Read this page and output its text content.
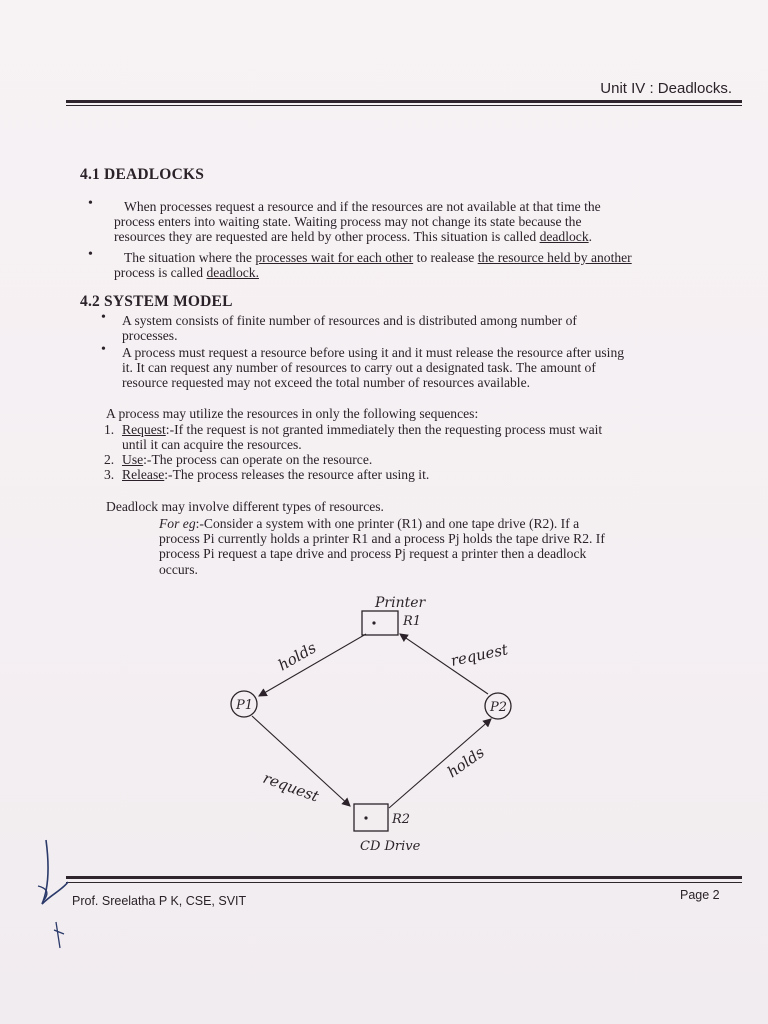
Unit IV : Deadlocks.
4.1 DEADLOCKS
•	When processes request a resource and if the resources are not available at that time the
process enters into waiting state. Waiting process may not change its state because the
resources they are requested are held by other process. This situation is called deadlock.
•	The situation where the processes wait for each other to realease the resource held by another
process is called deadlock.
4.2 SYSTEM MODEL
• A system consists of finite number of resources and is distributed among number of
processes.
• A process must request a resource before using it and it must release the resource after using
it. It can request any number of resources to carry out a designated task. The amount of
resource requested may not exceed the total number of resources available.
A process may utilize the resources in only the following sequences:
1. Request:-If the request is not granted immediately then the requesting process must wait
until it can acquire the resources.
2. Use:-The process can operate on the resource.
3. Release:-The process releases the resource after using it.
Deadlock may involve different types of resources.
For eg:-Consider a system with one printer (R1) and one tape drive (R2). If a
process Pi currently holds a printer R1 and a process Pj holds the tape drive R2. If
process Pi request a tape drive and process Pj request a printer then a deadlock
occurs.
Printer
R1
R2
CD Drive
P1	P2
holds	request
request
holds
Prof. Sreelatha P K, CSE, SVIT	Page 2
